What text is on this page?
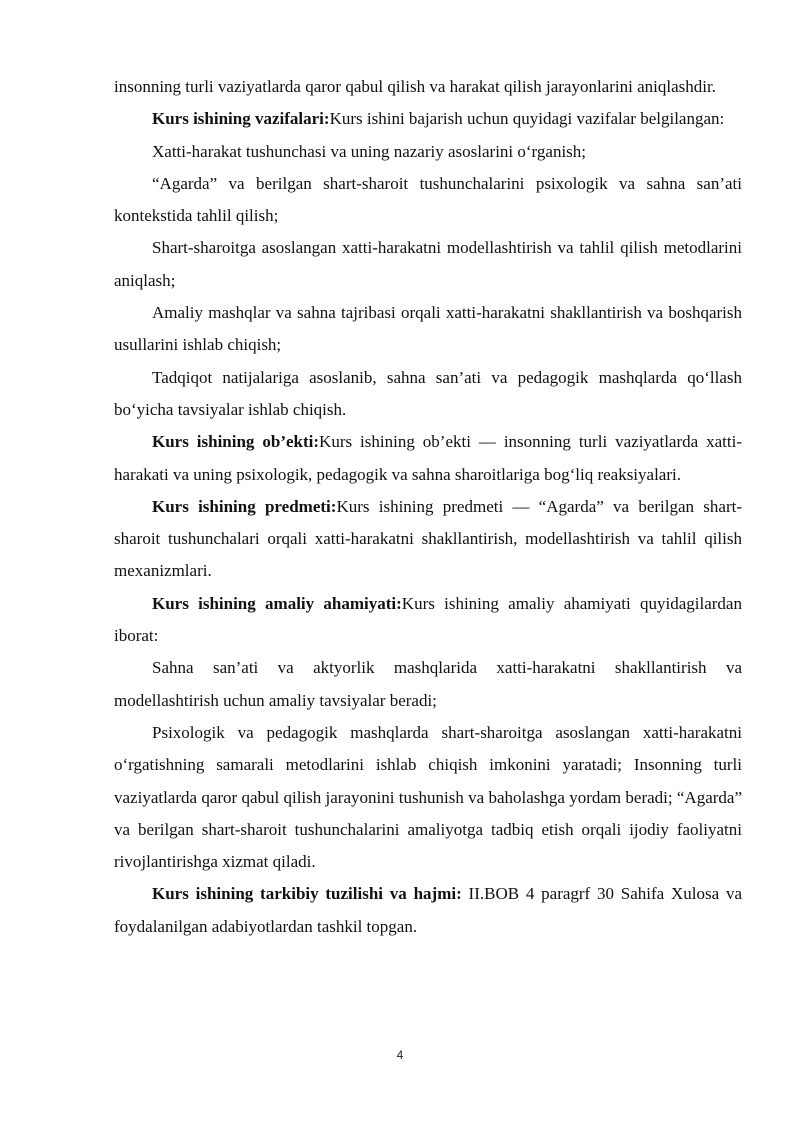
insonning turli vaziyatlarda qaror qabul qilish va harakat qilish jarayonlarini aniqlashdir.

Kurs ishining vazifalari:Kurs ishini bajarish uchun quyidagi vazifalar belgilangan:

Xatti-harakat tushunchasi va uning nazariy asoslarini o‘rganish;

“Agarda” va berilgan shart-sharoit tushunchalarini psixologik va sahna san’ati kontekstida tahlil qilish;

Shart-sharoitga asoslangan xatti-harakatni modellashtirish va tahlil qilish metodlarini aniqlash;

Amaliy mashqlar va sahna tajribasi orqali xatti-harakatni shakllantirish va boshqarish usullarini ishlab chiqish;

Tadqiqot natijalariga asoslanib, sahna san’ati va pedagogik mashqlarda qo‘llash bo‘yicha tavsiyalar ishlab chiqish.

Kurs ishining ob’ekti:Kurs ishining ob’ekti — insonning turli vaziyatlarda xatti-harakati va uning psixologik, pedagogik va sahna sharoitlariga bog‘liq reaksiyalari.

Kurs ishining predmeti:Kurs ishining predmeti — “Agarda” va berilgan shart-sharoit tushunchalari orqali xatti-harakatni shakllantirish, modellashtirish va tahlil qilish mexanizmlari.

Kurs ishining amaliy ahamiyati:Kurs ishining amaliy ahamiyati quyidagilardan iborat:

Sahna san’ati va aktyorlik mashqlarida xatti-harakatni shakllantirish va modellashtirish uchun amaliy tavsiyalar beradi;

Psixologik va pedagogik mashqlarda shart-sharoitga asoslangan xatti-harakatni o‘rgatishning samarali metodlarini ishlab chiqish imkonini yaratadi; Insonning turli vaziyatlarda qaror qabul qilish jarayonini tushunish va baholashga yordam beradi; “Agarda” va berilgan shart-sharoit tushunchalarini amaliyotga tadbiq etish orqali ijodiy faoliyatni rivojlantirishga xizmat qiladi.

Kurs ishining tarkibiy tuzilishi va hajmi: II.BOB 4 paragrf 30 Sahifa Xulosa va foydalanilgan adabiyotlardan tashkil topgan.

4
